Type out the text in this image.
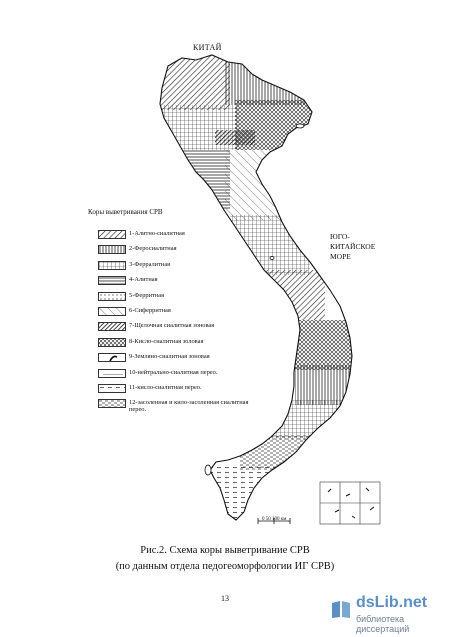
КИТАЙ
ЮГО-
КИТАЙСКОЕ
МОРЕ
Коры выветривания СРВ
1-Алитно-сиалитная
2-Феросиалитная
3-Ферралитная
4-Алитная
5-Ферритная
6-Сиферритная
7-Щелочная сиалитная зоновая
8-Кисло-сиалитная золовая
9-Земляно-сиалитная зоновая
10-нейтрально-сиалитная перео.
11-кисло-сиалитная перео.
12-засоленная и кило-засоленная сиалитная перео.
0 50 100 км
Рис.2. Схема коры выветривание СРВ
(по данным отдела педогеоморфологии ИГ СРВ)
13	dsLib.net
библиотека диссертаций
